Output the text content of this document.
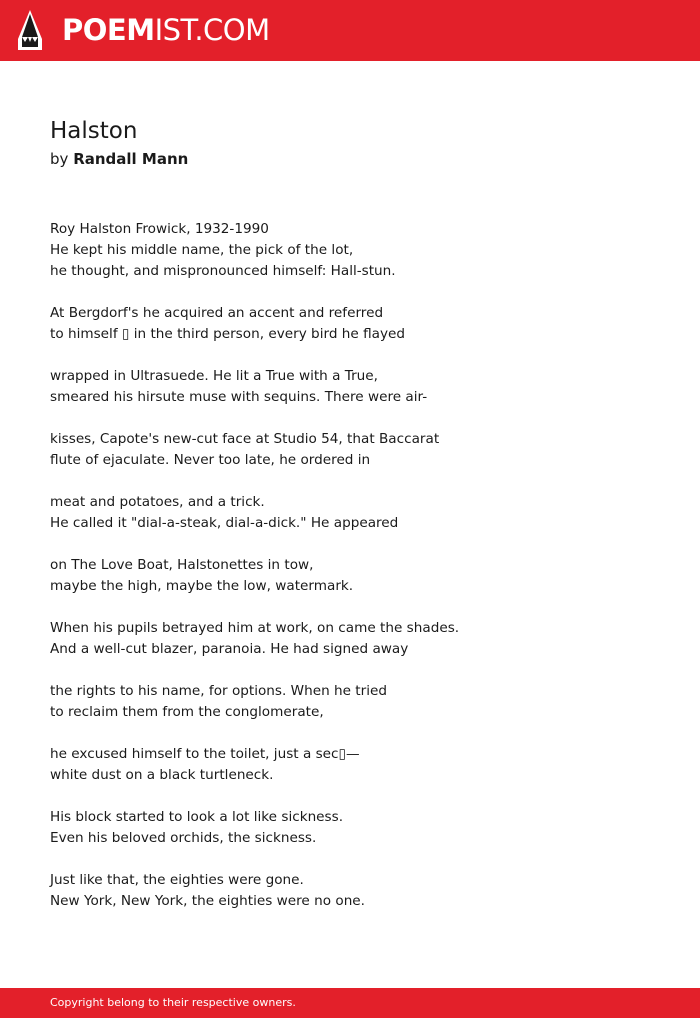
POEMIST.COM
Halston
by Randall Mann
Roy Halston Frowick, 1932-1990
He kept his middle name, the pick of the lot,
he thought, and mispronounced himself: Hall-stun.
At Bergdorf's he acquired an accent and referred
to himself ▯ in the third person, every bird he flayed
wrapped in Ultrasuede. He lit a True with a True,
smeared his hirsute muse with sequins. There were air-
kisses, Capote's new-cut face at Studio 54, that Baccarat
flute of ejaculate. Never too late, he ordered in
meat and potatoes, and a trick.
He called it "dial-a-steak, dial-a-dick." He appeared
on The Love Boat, Halstonettes in tow,
maybe the high, maybe the low, watermark.
When his pupils betrayed him at work, on came the shades.
And a well-cut blazer, paranoia. He had signed away
the rights to his name, for options. When he tried
to reclaim them from the conglomerate,
he excused himself to the toilet, just a sec▯—
white dust on a black turtleneck.
His block started to look a lot like sickness.
Even his beloved orchids, the sickness.
Just like that, the eighties were gone.
New York, New York, the eighties were no one.
Copyright belong to their respective owners.
